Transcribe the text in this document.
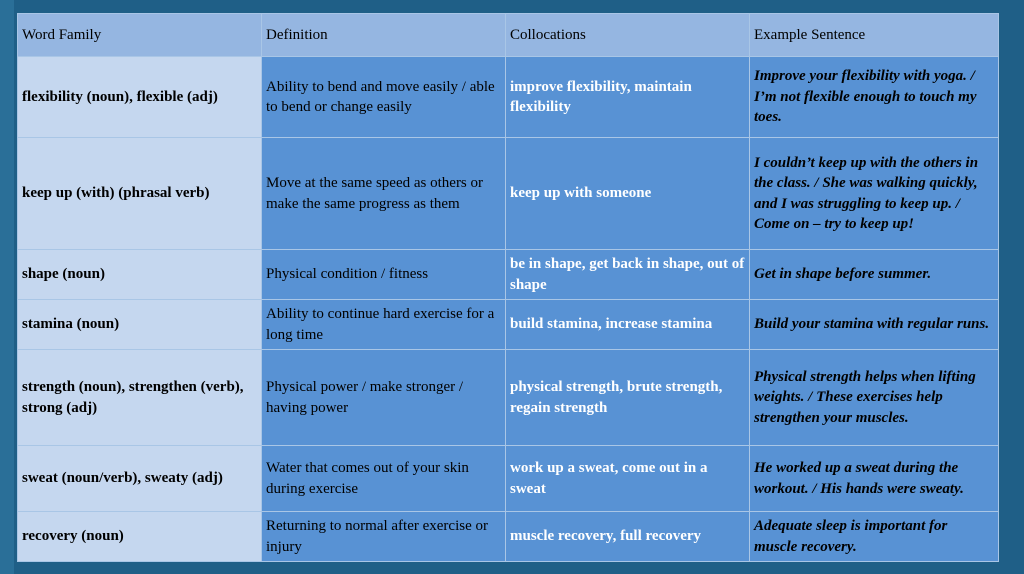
Word Family	Definition	Collocations	Example Sentence
flexibility (noun), flexible (adj)	Ability to bend and move easily / able to bend or change easily	improve flexibility, maintain flexibility	Improve your flexibility with yoga. / I’m not flexible enough to touch my toes.
keep up (with) (phrasal verb)	Move at the same speed as others or make the same progress as them	keep up with someone	I couldn’t keep up with the others in the class. / She was walking quickly, and I was struggling to keep up. / Come on – try to keep up!
shape (noun)	Physical condition / fitness	be in shape, get back in shape, out of shape	Get in shape before summer.
stamina (noun)	Ability to continue hard exercise for a long time	build stamina, increase stamina	Build your stamina with regular runs.
strength (noun), strengthen (verb), strong (adj)	Physical power / make stronger / having power	physical strength, brute strength, regain strength	Physical strength helps when lifting weights. / These exercises help strengthen your muscles.
sweat (noun/verb), sweaty (adj)	Water that comes out of your skin during exercise	work up a sweat, come out in a sweat	He worked up a sweat during the workout. / His hands were sweaty.
recovery (noun)	Returning to normal after exercise or injury	muscle recovery, full recovery	Adequate sleep is important for muscle recovery.
